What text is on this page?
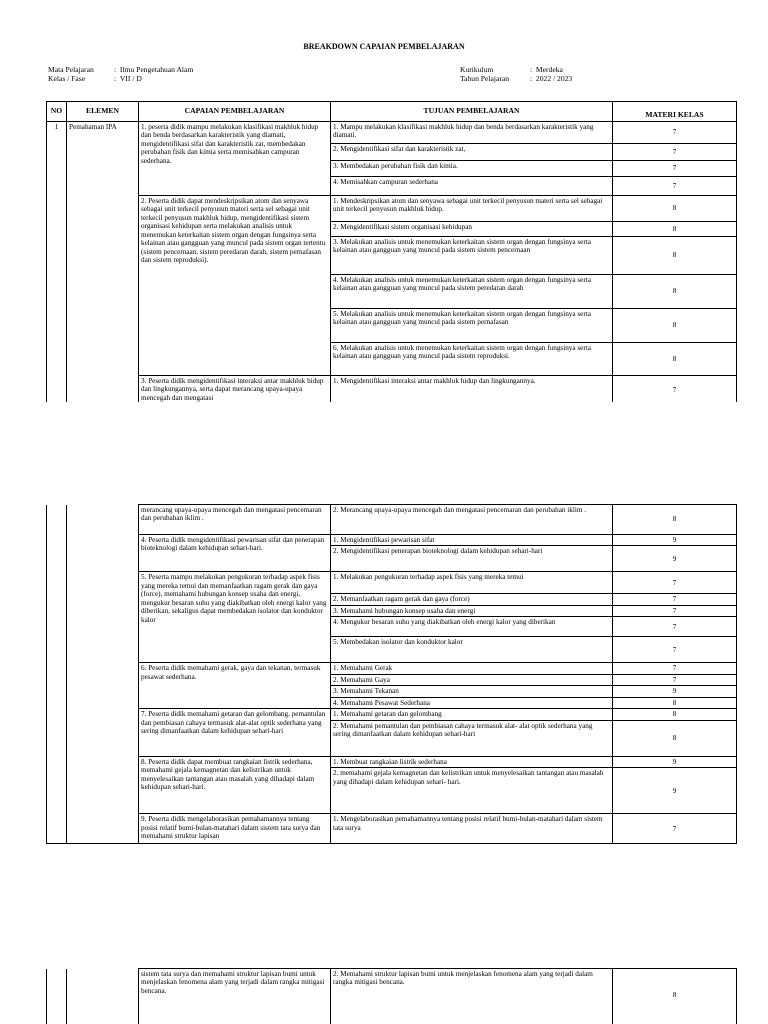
BREAKDOWN CAPAIAN PEMBELAJARAN
Mata Pelajaran	: Ilmu Pengetahuan Alam
Kelas / Fase	: VII / D
Kurikulum	: Merdeka
Tahun Pelajaran	: 2022 / 2023
NO	ELEMEN	CAPAIAN PEMBELAJARAN	TUJUAN PEMBELAJARAN	MATERI KELAS
1	Pemahaman IPA	1. peserta didik mampu melakukan klasifikasi makhluk hidup dan benda berdasarkan karakteristik yang diamati, mengidentifikasi sifat dan karakteristik zat, membedakan perubahan fisik dan kimia serta memisahkan campuran sederhana.	1. Mampu melakukan klasifikasi makhluk hidup dan benda berdasarkan karakteristik yang diamati.	7
			2. Mengidentifikasi sifat dan karakteristik zat,	7
			3. Membedakan perubahan fisik dan kimia.	7
			4. Memisahkan campuran sederhana	7
		2. Peserta didik dapat mendeskripsikan atom dan senyawa sebagai unit terkecil penyusun materi serta sel sebagai unit terkecil penyusun makhluk hidup, mengidentifikasi sistem organisasi kehidupan serta melakukan analisis untuk menemukan keterkaitan sistem organ dengan fungsinya serta kelainan atau gangguan yang muncul pada sistem organ tertentu (sistem pencernaan, sistem peredaran darah, sistem pernafasan dan sistem reproduksi).	1. Mendeskripsikan atom dan senyawa sebagai unit terkecil penyusun materi serta sel sebagai unit terkecil penyusun makhluk hidup.	8
			2. Mengidentifikasi sistem organisasi kehidupan	8
			3. Melakukan analisis untuk menemukan keterkaitan sistem organ dengan fungsinya serta kelainan atau gangguan yang muncul pada sistem sistem pencernaan	8
			4. Melakukan analisis untuk menemukan keterkaitan sistem organ dengan fungsinya serta kelainan atau gangguan yang muncul pada sistem peredaran darah	8
			5. Melakukan analisis untuk menemukan keterkaitan sistem organ dengan fungsinya serta kelainan atau gangguan yang muncul pada sistem pernafasan	8
			6. Melakukan analisis untuk menemukan keterkaitan sistem organ dengan fungsinya serta kelainan atau gangguan yang muncul pada sistem reproduksi.	8
		3. Peserta didik mengidentifikasi interaksi antar makhluk hidup dan lingkungannya, serta dapat merancang upaya-upaya mencegah dan mengatasi	1. Mengidentifikasi interaksi antar makhluk hidup dan lingkungannya.	7
		merancang upaya-upaya mencegah dan mengatasi pencemaran dan perubahan iklim .	2. Merancang upaya-upaya mencegah dan mengatasi pencemaran dan perubahan iklim .	8
		4. Peserta didik mengidentifikasi pewarisan sifat dan penerapan bioteknologi dalam kehidupan sehari-hari.	1. Mengidentifikasi pewarisan sifat	9
			2. Mengidentifikasi penerapan bioteknologi dalam kehidupan sehari-hari	9
		5. Peserta mampu melakukan pengukuran terhadap aspek fisis yang mereka temui dan memanfaatkan ragam gerak dan gaya (force), memahami hubungan konsep usaha dan energi, mengukur besaran suhu yang diakibatkan oleh energi kalor yang diberikan, sekaligus dapat membedakan isolator dan konduktor kalor	1. Melakukan pengukuran terhadap aspek fisis yang mereka temui	7
			2. Memanfaatkan ragam gerak dan gaya (force)	7
			3. Memahami hubungan konsep usaha dan energi	7
			4. Mengukur besaran suhu yang diakibatkan oleh energi kalor yang diberikan	7
			5. Membedakan isolator dan konduktor kalor	7
		6. Peserta didik memahami gerak, gaya dan tekanan, termasuk pesawat sederhana.	1. Memahami Gerak	7
			2. Memahami Gaya	7
			3. Memahami Tekanan	9
			4. Memahami Pesawat Sederhana	8
		7. Peserta didik memahami getaran dan gelombang, pemantulan dan pembiasan cahaya termasuk alat-alat optik sederhana yang sering dimanfaatkan dalam kehidupan sehari-hari	1. Memahami getaran dan gelombang	8
			2. Memahami pemantulan dan pembiasan cahaya termasuk alat- alat optik sederhana yang sering dimanfaatkan dalam kehidupan sehari-hari	8
		8. Peserta didik dapat membuat rangkaian listrik sederhana, memahami gejala kemagnetan dan kelistrikan untuk menyelesaikan tantangan atau masalah yang dihadapi dalam kehidupan sehari-hari.	1. Membuat rangkaian listrik sederhana	9
			2. memahami gejala kemagnetan dan kelistrikan untuk menyelesaikan tantangan atau masalah yang dihadapi dalam kehidupan sehari- hari.	9
		9. Peserta didik mengelaborasikan pemahamannya tentang posisi relatif bumi-bulan-matahari dalam sistem tata surya dan memahami struktur lapisan	1. Mengelaborasikan pemahamannya tentang posisi relatif bumi-bulan-matahari dalam sistem tata surya	7
		sistem tata surya dan memahami struktur lapisan bumi untuk menjelaskan fenomena alam yang terjadi dalam rangka mitigasi bencana.	2. Memahami struktur lapisan bumi untuk menjelaskan fenomena alam yang terjadi dalam rangka mitigasi bencana.	8
